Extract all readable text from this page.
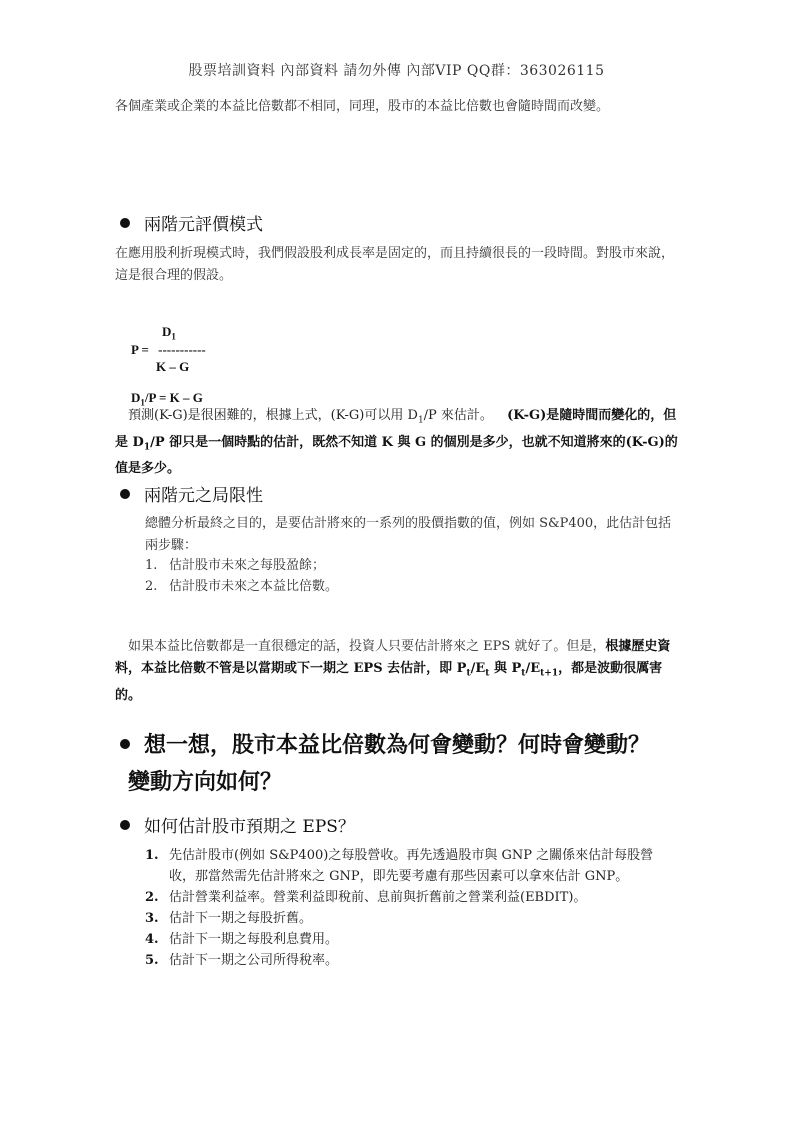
股票培訓資料 內部資料 請勿外傳 內部VIP QQ群：363026115
各個產業或企業的本益比倍數都不相同，同理，股市的本益比倍數也會隨時間而改變。
兩階元評價模式
在應用股利折現模式時，我們假設股利成長率是固定的，而且持續很長的一段時間。對股市來說，這是很合理的假設。
$D_1$
P = -----------
K – G
$D_1/P = K - G$
預測(K-G)是很困難的，根據上式，(K-G)可以用 $D_1/P$ 來估計。 (K-G)是隨時間而變化的，但是 $D_1/P$ 卻只是一個時點的估計，既然不知道 K 與 G 的個別是多少，也就不知道將來的(K-G)的值是多少。
兩階元之局限性
總體分析最終之目的，是要估計將來的一系列的股價指數的值，例如 S&P400，此估計包括兩步驟：
1. 估計股市未來之每股盈餘；
2. 估計股市未來之本益比倍數。
如果本益比倍數都是一直很穩定的話，投資人只要估計將來之 EPS 就好了。但是，根據歷史資料，本益比倍數不管是以當期或下一期之 EPS 去估計，即 $P_t/E_t$ 與 $P_t/E_{t+1}$，都是波動很厲害的。
想一想，股市本益比倍數為何會變動？何時會變動？
變動方向如何？
如何估計股市預期之 EPS？
1. 先估計股市(例如 S&P400)之每股營收。再先透過股市與 GNP 之關係來估計每股營收，那當然需先估計將來之 GNP，即先要考慮有那些因素可以拿來估計 GNP。
2. 估計營業利益率。營業利益即稅前、息前與折舊前之營業利益(EBDIT)。
3. 估計下一期之每股折舊。
4. 估計下一期之每股利息費用。
5. 估計下一期之公司所得稅率。
